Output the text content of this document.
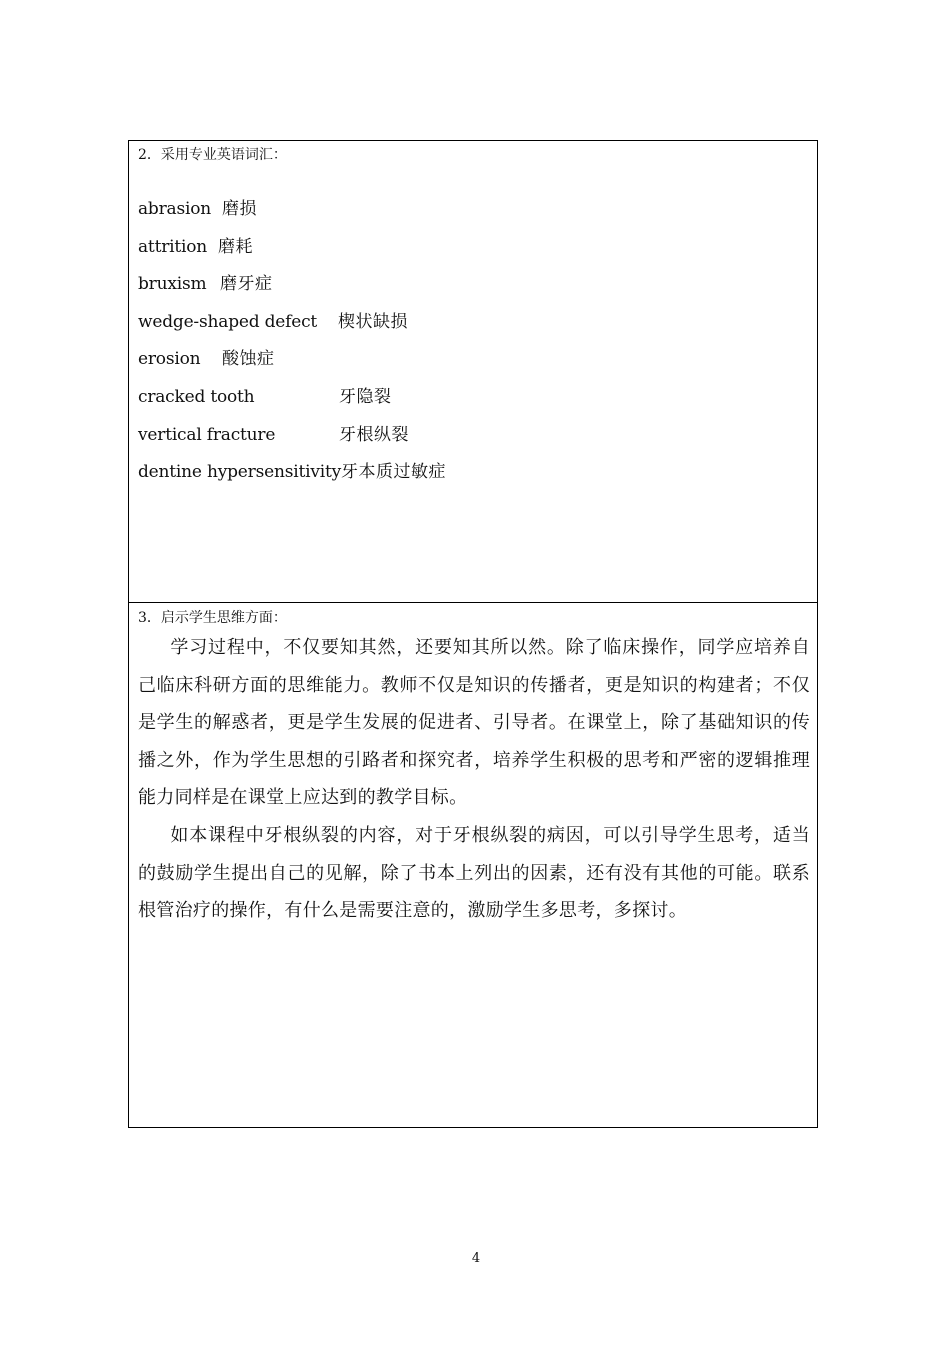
2．采用专业英语词汇：
abrasion 磨损
attrition 磨耗
bruxism 磨牙症
wedge-shaped defect 楔状缺损
erosion 酸蚀症
cracked tooth	牙隐裂
vertical fracture	牙根纵裂
dentine hypersensitivity 牙本质过敏症
3．启示学生思维方面：

学习过程中，不仅要知其然，还要知其所以然。除了临床操作，同学应培养自己临床科研方面的思维能力。教师不仅是知识的传播者，更是知识的构建者；不仅是学生的解惑者，更是学生发展的促进者、引导者。在课堂上，除了基础知识的传播之外，作为学生思想的引路者和探究者，培养学生积极的思考和严密的逻辑推理能力同样是在课堂上应达到的教学目标。

如本课程中牙根纵裂的内容，对于牙根纵裂的病因，可以引导学生思考，适当的鼓励学生提出自己的见解，除了书本上列出的因素，还有没有其他的可能。联系根管治疗的操作，有什么是需要注意的，激励学生多思考，多探讨。

4
